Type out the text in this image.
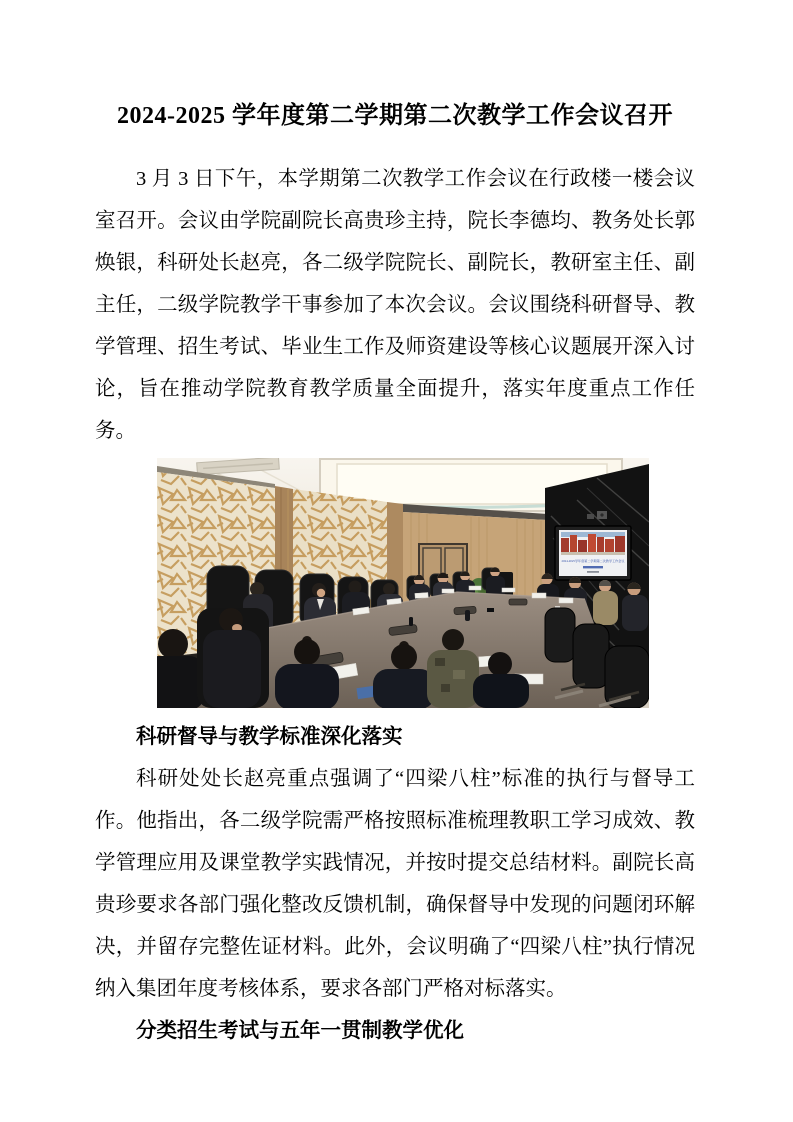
2024-2025 学年度第二学期第二次教学工作会议召开

3 月 3 日下午，本学期第二次教学工作会议在行政楼一楼会议室召开。会议由学院副院长高贵珍主持，院长李德均、教务处长郭焕银，科研处长赵亮，各二级学院院长、副院长，教研室主任、副主任，二级学院教学干事参加了本次会议。会议围绕科研督导、教学管理、招生考试、毕业生工作及师资建设等核心议题展开深入讨论，旨在推动学院教育教学质量全面提升，落实年度重点工作任务。

2024-2025学年度第二学期第二次教学工作会议
科研督导与教学标准深化落实

科研处处长赵亮重点强调了“四梁八柱”标准的执行与督导工作。他指出，各二级学院需严格按照标准梳理教职工学习成效、教学管理应用及课堂教学实践情况，并按时提交总结材料。副院长高贵珍要求各部门强化整改反馈机制，确保督导中发现的问题闭环解决，并留存完整佐证材料。此外，会议明确了“四梁八柱”执行情况纳入集团年度考核体系，要求各部门严格对标落实。

分类招生考试与五年一贯制教学优化
